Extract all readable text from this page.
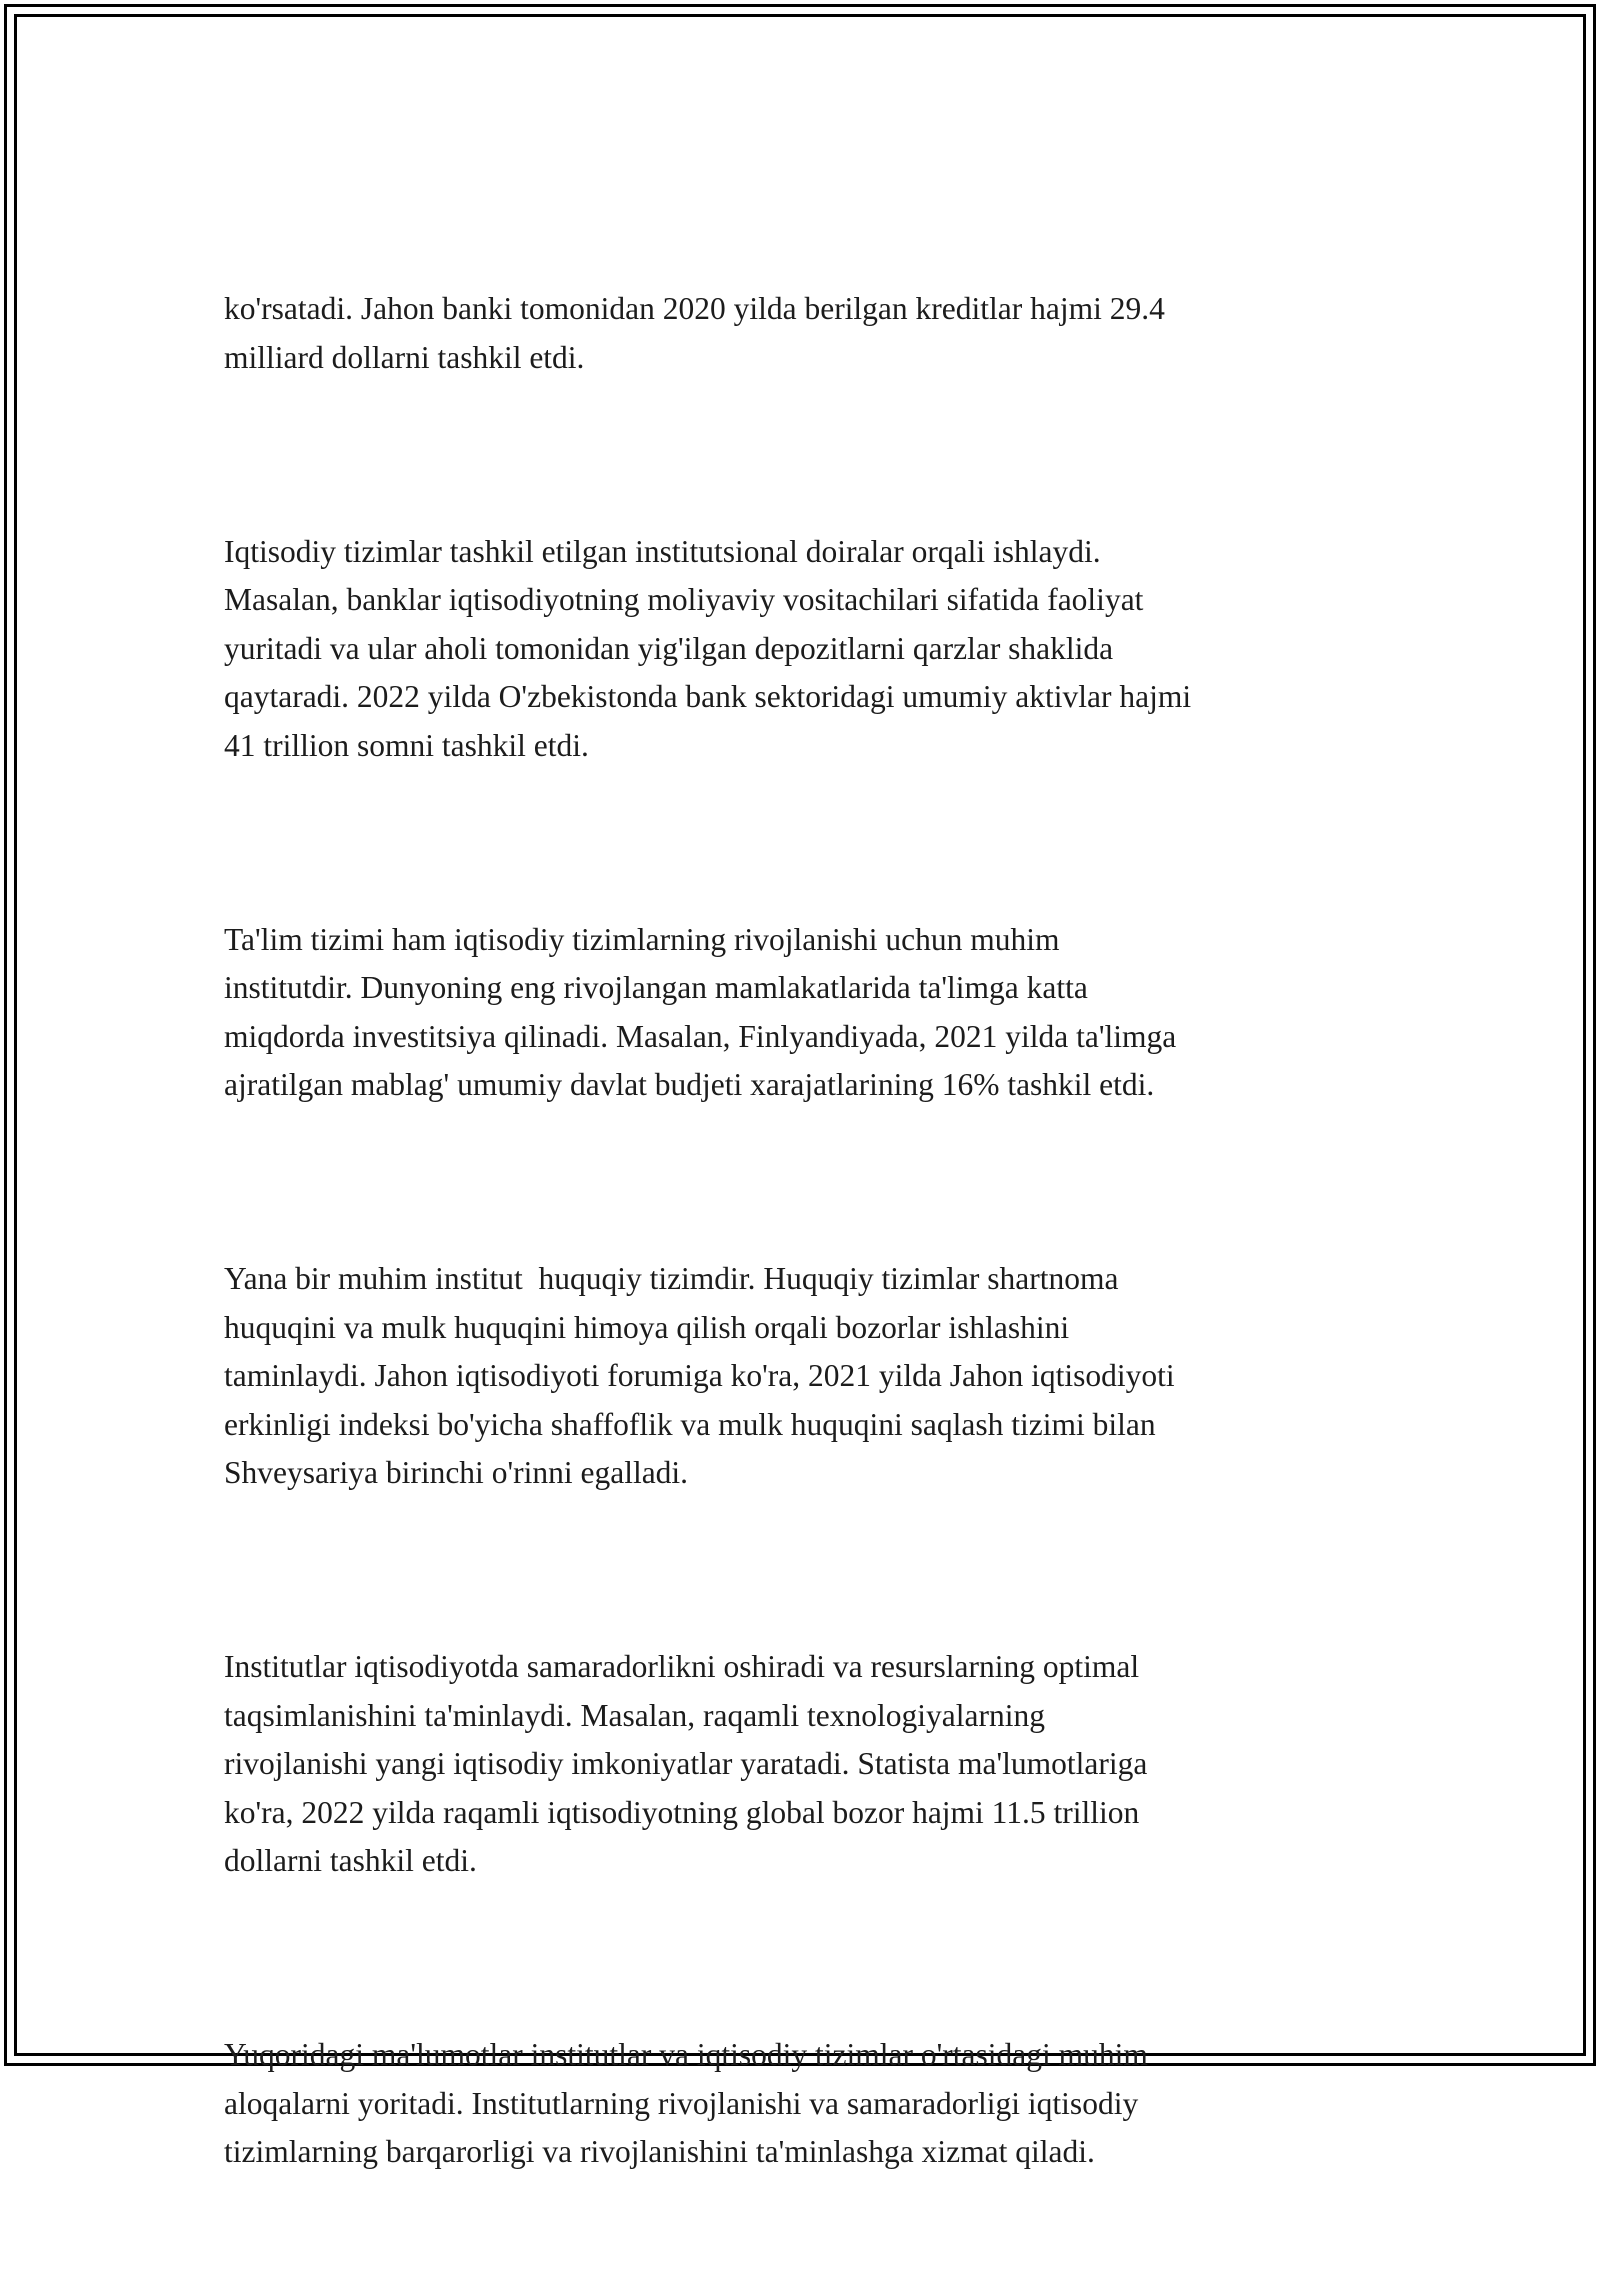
ko'rsatadi. Jahon banki tomonidan 2020 yilda berilgan kreditlar hajmi 29.4
milliard dollarni tashkil etdi.

Iqtisodiy tizimlar tashkil etilgan institutsional doiralar orqali ishlaydi.
Masalan, banklar iqtisodiyotning moliyaviy vositachilari sifatida faoliyat
yuritadi va ular aholi tomonidan yig'ilgan depozitlarni qarzlar shaklida
qaytaradi. 2022 yilda O'zbekistonda bank sektoridagi umumiy aktivlar hajmi
41 trillion somni tashkil etdi.

Ta'lim tizimi ham iqtisodiy tizimlarning rivojlanishi uchun muhim
institutdir. Dunyoning eng rivojlangan mamlakatlarida ta'limga katta
miqdorda investitsiya qilinadi. Masalan, Finlyandiyada, 2021 yilda ta'limga
ajratilgan mablag' umumiy davlat budjeti xarajatlarining 16% tashkil etdi.

Yana bir muhim institut  huquqiy tizimdir. Huquqiy tizimlar shartnoma
huquqini va mulk huquqini himoya qilish orqali bozorlar ishlashini
taminlaydi. Jahon iqtisodiyoti forumiga ko'ra, 2021 yilda Jahon iqtisodiyoti
erkinligi indeksi bo'yicha shaffoflik va mulk huquqini saqlash tizimi bilan
Shveysariya birinchi o'rinni egalladi.

Institutlar iqtisodiyotda samaradorlikni oshiradi va resurslarning optimal
taqsimlanishini ta'minlaydi. Masalan, raqamli texnologiyalarning
rivojlanishi yangi iqtisodiy imkoniyatlar yaratadi. Statista ma'lumotlariga
ko'ra, 2022 yilda raqamli iqtisodiyotning global bozor hajmi 11.5 trillion
dollarni tashkil etdi.

Yuqoridagi ma'lumotlar institutlar va iqtisodiy tizimlar o'rtasidagi muhim
aloqalarni yoritadi. Institutlarning rivojlanishi va samaradorligi iqtisodiy
tizimlarning barqarorligi va rivojlanishini ta'minlashga xizmat qiladi.
